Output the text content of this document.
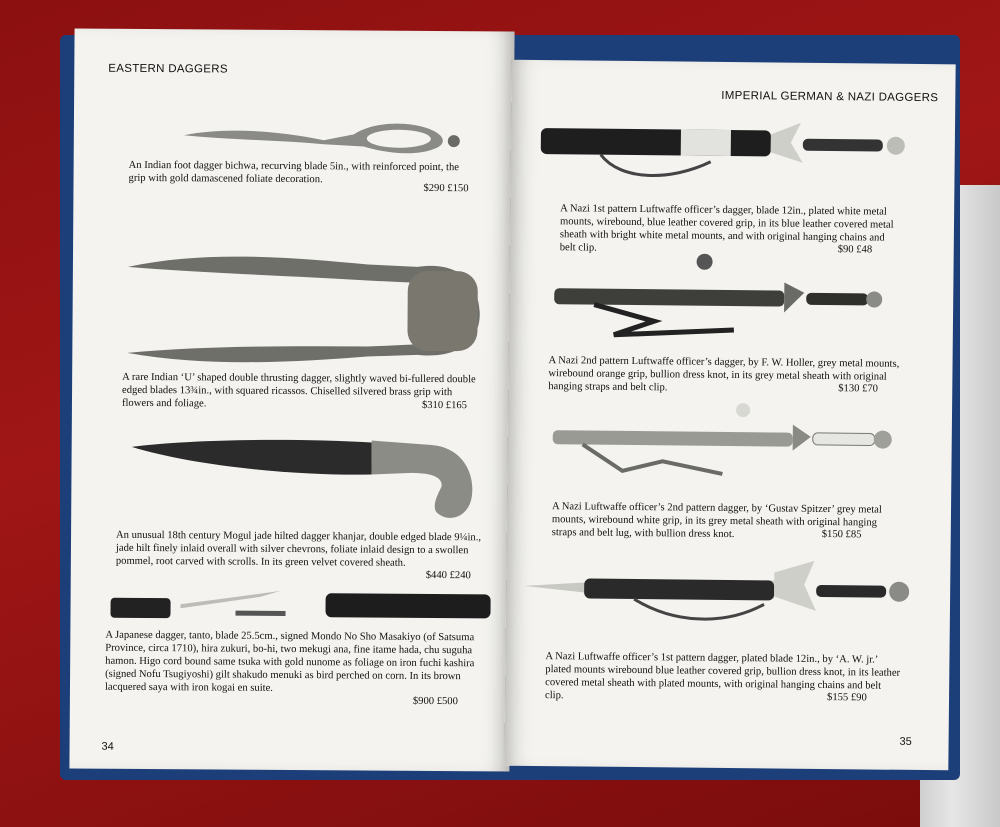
EASTERN DAGGERS
An Indian foot dagger bichwa, recurving blade 5in., with reinforced point, the grip with gold damascened foliate decoration.
$290 £150
A rare Indian ‘U’ shaped double thrusting dagger, slightly waved bi-fullered double edged blades 13¾in., with squared ricassos. Chiselled silvered brass grip with flowers and foliage.	$310 £165
An unusual 18th century Mogul jade hilted dagger khanjar, double edged blade 9¼in., jade hilt finely inlaid overall with silver chevrons, foliate inlaid design to a swollen pommel, root carved with scrolls. In its green velvet covered sheath.
$440 £240
A Japanese dagger, tanto, blade 25.5cm., signed Mondo No Sho Masakiyo (of Satsuma Province, circa 1710), hira zukuri, bo-hi, two mekugi ana, fine itame hada, chu suguha hamon. Higo cord bound same tsuka with gold nunome as foliage on iron fuchi kashira (signed Nofu Tsugiyoshi) gilt shakudo menuki as bird perched on corn. In its brown lacquered saya with iron kogai en suite.
$900 £500
34
IMPERIAL GERMAN & NAZI DAGGERS
A Nazi 1st pattern Luftwaffe officer’s dagger, blade 12in., plated white metal mounts, wirebound, blue leather covered grip, in its blue leather covered metal sheath with bright white metal mounts, and with original hanging chains and belt clip.	$90 £48
A Nazi 2nd pattern Luftwaffe officer’s dagger, by F. W. Holler, grey metal mounts, wirebound orange grip, bullion dress knot, in its grey metal sheath with original hanging straps and belt clip.	$130 £70
A Nazi Luftwaffe officer’s 2nd pattern dagger, by ‘Gustav Spitzer’ grey metal mounts, wirebound white grip, in its grey metal sheath with original hanging straps and belt lug, with bullion dress knot.	$150 £85
A Nazi Luftwaffe officer’s 1st pattern dagger, plated blade 12in., by ‘A. W. jr.’ plated mounts wirebound blue leather covered grip, bullion dress knot, in its leather covered metal sheath with plated mounts, with original hanging chains and belt clip.	$155 £90
35
